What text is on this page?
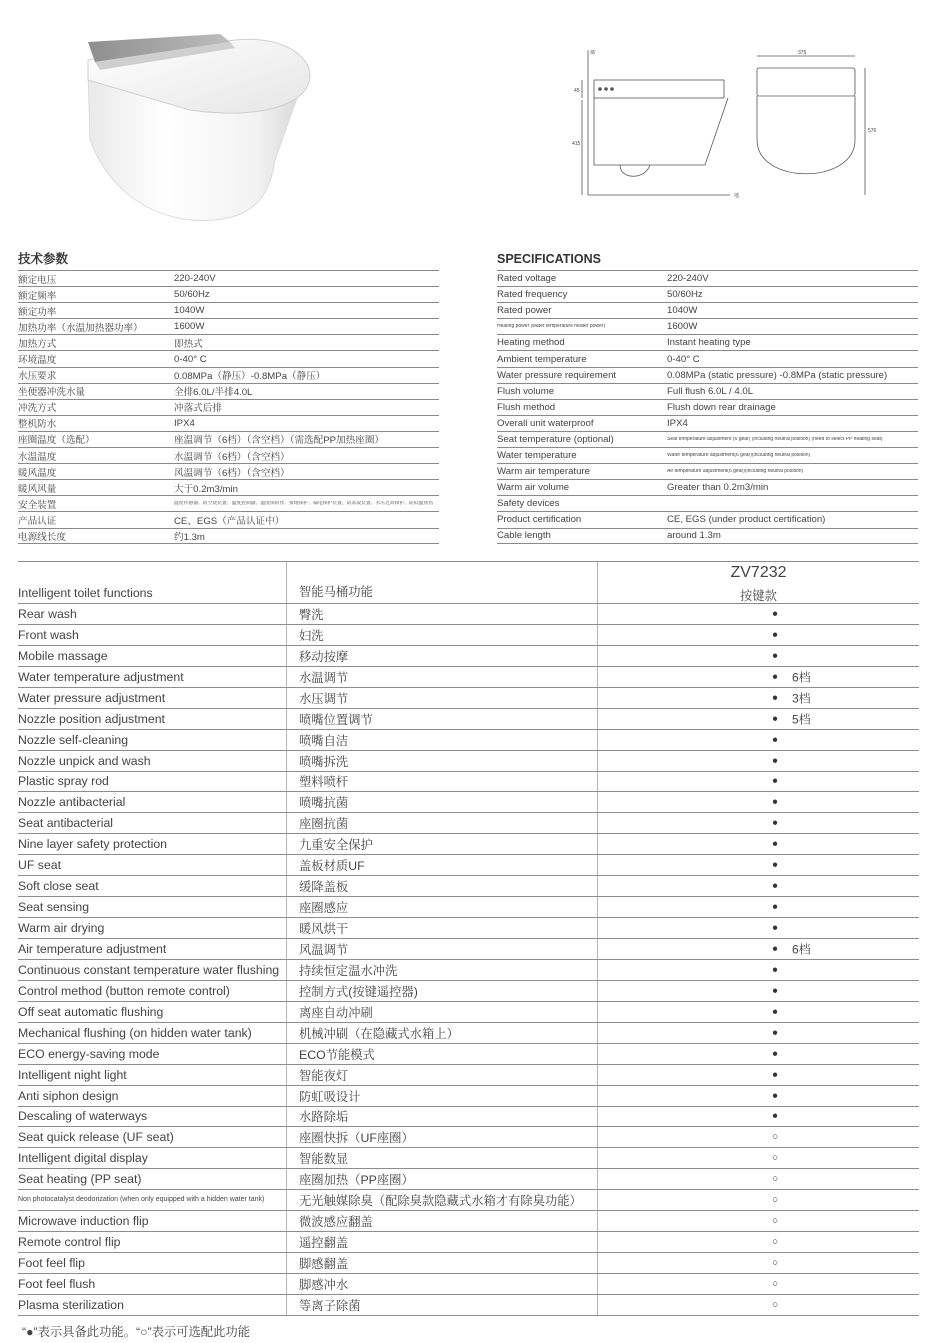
375
576
415
45
墙
地
技术参数
额定电压	220-240V
额定频率	50/60Hz
额定功率	1040W
加热功率（水温加热器功率）	1600W
加热方式	即热式
环境温度	0-40° C
水压要求	0.08MPa（静压）-0.8MPa（静压）
坐便器冲洗水量	全排6.0L/半排4.0L
冲洗方式	冲落式后排
整机防水	IPX4
座圈温度（选配）	座温调节（6档）（含空档）（需选配PP加热座圈）
水温温度	水温调节（6档）（含空档）
暖风温度	风温调节（6档）（含空档）
暖风风量	大于0.2m3/min
安全装置	温度传感器、防空烧装置、温度控制器、温度保险丝、接地保护、漏电保护装置、防冻裂装置、水压过高保护、防低温烫伤
产品认证	CE、EGS（产品认证中）
电源线长度	约1.3m
SPECIFICATIONS
Rated voltage	220-240V
Rated frequency	50/60Hz
Rated power	1040W
Heating power (water temperature heater power)	1600W
Heating method	Instant heating type
Ambient temperature	0-40° C
Water pressure requirement	0.08MPa (static pressure) -0.8MPa (static pressure)
Flush volume	Full flush 6.0L / 4.0L
Flush method	Flush down rear drainage
Overall unit waterproof	IPX4
Seat temperature (optional)	Seat temperature adjustment (6 gear) (including neutral position) (need to select PP heating seat)
Water temperature	Water temperature adjustment(6 gear)(including neutral position)
Warm air temperature	Air temperature adjustment(6 gear)(including neutral position)
Warm air volume	Greater than 0.2m3/min
Safety devices
Product certification	CE, EGS (under product certification)
Cable length	around 1.3m
Intelligent toilet functions	智能马桶功能
ZV7232
按键款
Rear wash	臀洗	●
Front wash	妇洗	●
Mobile massage	移动按摩	●
Water temperature adjustment	水温调节	● 6档
Water pressure adjustment	水压调节	● 3档
Nozzle position adjustment	喷嘴位置调节	● 5档
Nozzle self-cleaning	喷嘴自洁	●
Nozzle unpick and wash	喷嘴拆洗	●
Plastic spray rod	塑料喷杆	●
Nozzle antibacterial	喷嘴抗菌	●
Seat antibacterial	座圈抗菌	●
Nine layer safety protection	九重安全保护	●
UF seat	盖板材质UF	●
Soft close seat	缓降盖板	●
Seat sensing	座圈感应	●
Warm air drying	暖风烘干	●
Air temperature adjustment	风温调节	● 6档
Continuous constant temperature water flushing	持续恒定温水冲洗	●
Control method (button remote control)	控制方式(按键遥控器)	●
Off seat automatic flushing	离座自动冲刷	●
Mechanical flushing (on hidden water tank)	机械冲刷（在隐藏式水箱上）	●
ECO energy-saving mode	ECO节能模式	●
Intelligent night light	智能夜灯	●
Anti siphon design	防虹吸设计	●
Descaling of waterways	水路除垢	●
Seat quick release (UF seat)	座圈快拆（UF座圈）	○
Intelligent digital display	智能数显	○
Seat heating (PP seat)	座圈加热（PP座圈）	○
Non photocatalyst deodorization (when only equipped with a hidden water tank)	无光触媒除臭（配除臭款隐藏式水箱才有除臭功能）	○
Microwave induction flip	微波感应翻盖	○
Remote control flip	遥控翻盖	○
Foot feel flip	脚感翻盖	○
Foot feel flush	脚感冲水	○
Plasma sterilization	等离子除菌	○
“●”表示具备此功能。“○”表示可选配此功能
